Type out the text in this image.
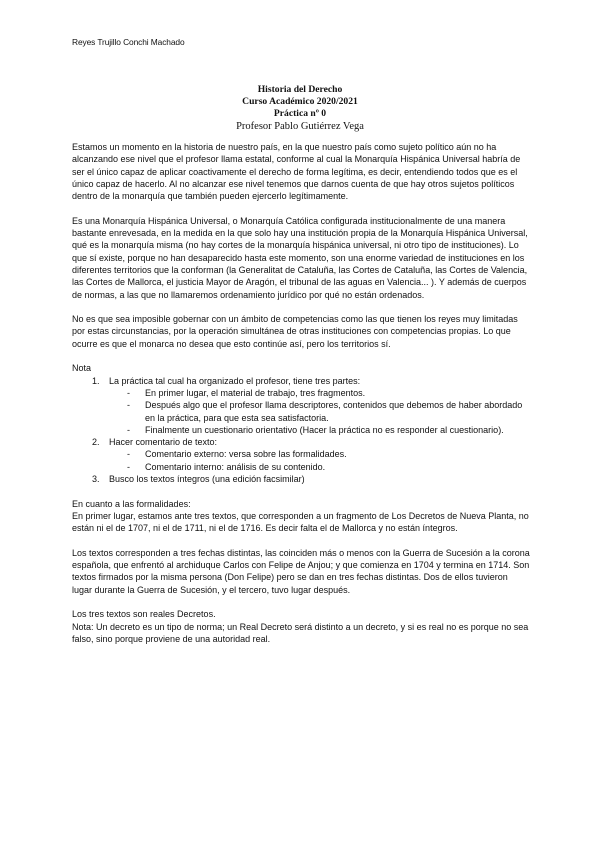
Reyes Trujillo Conchi Machado
Historia del Derecho
Curso Académico 2020/2021
Práctica nº 0
Profesor Pablo Gutiérrez Vega

Estamos un momento en la historia de nuestro país, en la que nuestro país como sujeto político aún no ha alcanzando ese nivel que el profesor llama estatal, conforme al cual la Monarquía Hispánica Universal habría de ser el único capaz de aplicar coactivamente el derecho de forma legítima, es decir, entendiendo todos que es el único capaz de hacerlo. Al no alcanzar ese nivel tenemos que darnos cuenta de que hay otros sujetos políticos dentro de la monarquía que también pueden ejercerlo legítimamente.

Es una Monarquía Hispánica Universal, o Monarquía Católica configurada institucionalmente de una manera bastante enrevesada, en la medida en la que solo hay una institución propia de la Monarquía Hispánica Universal, qué es la monarquía misma (no hay cortes de la monarquía hispánica universal, ni otro tipo de instituciones). Lo que sí existe, porque no han desaparecido hasta este momento, son una enorme variedad de instituciones en los diferentes territorios que la conforman (la Generalitat de Cataluña, las Cortes de Cataluña, las Cortes de Valencia, las Cortes de Mallorca, el justicia Mayor de Aragón, el tribunal de las aguas en Valencia... ). Y además de cuerpos de normas, a las que no llamaremos ordenamiento jurídico por qué no están ordenados.

No es que sea imposible gobernar con un ámbito de competencias como las que tienen los reyes muy limitadas por estas circunstancias, por la operación simultánea de otras instituciones con competencias propias. Lo que ocurre es que el monarca no desea que esto continúe así, pero los territorios sí.

Nota
1. La práctica tal cual ha organizado el profesor, tiene tres partes:
- En primer lugar, el material de trabajo, tres fragmentos.
- Después algo que el profesor llama descriptores, contenidos que debemos de haber abordado en la práctica, para que esta sea satisfactoria.
- Finalmente un cuestionario orientativo (Hacer la práctica no es responder al cuestionario).
2. Hacer comentario de texto:
- Comentario externo: versa sobre las formalidades.
- Comentario interno: análisis de su contenido.
3. Busco los textos íntegros (una edición facsimilar)
En cuanto a las formalidades:

En primer lugar, estamos ante tres textos, que corresponden a un fragmento de Los Decretos de Nueva Planta, no están ni el de 1707, ni el de 1711, ni el de 1716. Es decir falta el de Mallorca y no están íntegros.

Los textos corresponden a tres fechas distintas, las coinciden más o menos con la Guerra de Sucesión a la corona española, que enfrentó al archiduque Carlos con Felipe de Anjou; y que comienza en 1704 y termina en 1714. Son textos firmados por la misma persona (Don Felipe) pero se dan en tres fechas distintas. Dos de ellos tuvieron lugar durante la Guerra de Sucesión, y el tercero, tuvo lugar después.

Los tres textos son reales Decretos.
Nota: Un decreto es un tipo de norma; un Real Decreto será distinto a un decreto, y si es real no es porque no sea falso, sino porque proviene de una autoridad real.
